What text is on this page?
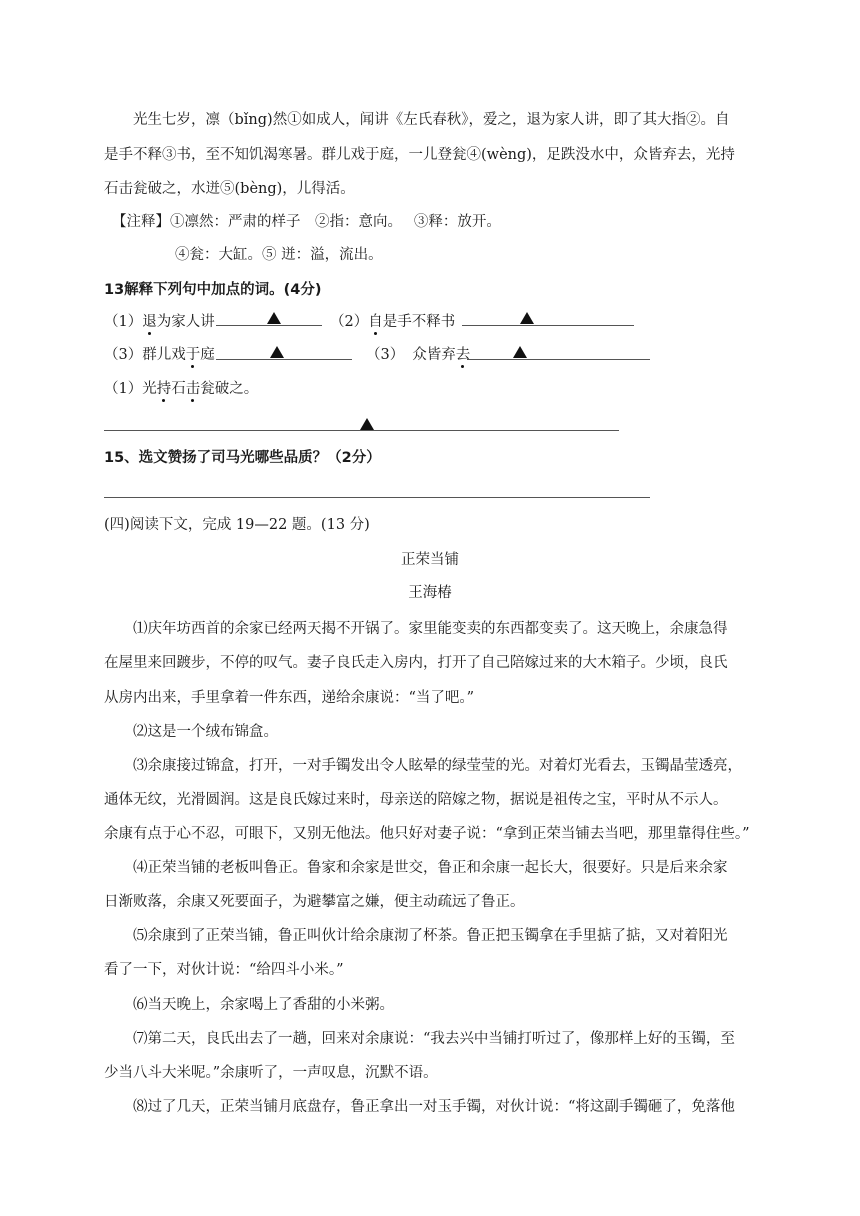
光生七岁，凛（bǐng)然①如成人，闻讲《左氏春秋》，爱之，退为家人讲，即了其大指②。自
是手不释③书，至不知饥渴寒暑。群儿戏于庭，一儿登瓮④(wèng)，足跌没水中，众皆弃去，光持
石击瓮破之，水迸⑤(bèng)，儿得活。
【注释】①凛然：严肃的样子　②指：意向。　 ③释：放开。
④瓮：大缸。⑤ 迸：溢，流出。
13解释下列句中加点的词。(4分)
（1）退为家人讲	（2）自是手不释书
（3）群儿戏于庭	（3） 众皆弃去
（1）光持石击瓮破之。
15、选文赞扬了司马光哪些品质？（2分）
(四)阅读下文，完成 19—22 题。(13 分)
正荣当铺
王海椿
⑴庆年坊西首的余家已经两天揭不开锅了。家里能变卖的东西都变卖了。这天晚上，余康急得
在屋里来回踱步，不停的叹气。妻子良氏走入房内，打开了自己陪嫁过来的大木箱子。少顷，良氏
从房内出来，手里拿着一件东西，递给余康说：“当了吧。”
⑵这是一个绒布锦盒。
⑶余康接过锦盒，打开，一对手镯发出令人眩晕的绿莹莹的光。对着灯光看去，玉镯晶莹透亮，
通体无纹，光滑圆润。这是良氏嫁过来时，母亲送的陪嫁之物，据说是祖传之宝，平时从不示人。
余康有点于心不忍，可眼下，又别无他法。他只好对妻子说：“拿到正荣当铺去当吧，那里靠得住些。”
⑷正荣当铺的老板叫鲁正。鲁家和余家是世交，鲁正和余康一起长大，很要好。只是后来余家
日渐败落，余康又死要面子，为避攀富之嫌，便主动疏远了鲁正。
⑸余康到了正荣当铺，鲁正叫伙计给余康沏了杯茶。鲁正把玉镯拿在手里掂了掂，又对着阳光
看了一下，对伙计说：“给四斗小米。”
⑹当天晚上，余家喝上了香甜的小米粥。
⑺第二天，良氏出去了一趟，回来对余康说：“我去兴中当铺打听过了，像那样上好的玉镯，至
少当八斗大米呢。”余康听了，一声叹息，沉默不语。
⑻过了几天，正荣当铺月底盘存，鲁正拿出一对玉手镯，对伙计说：“将这副手镯砸了，免落他
